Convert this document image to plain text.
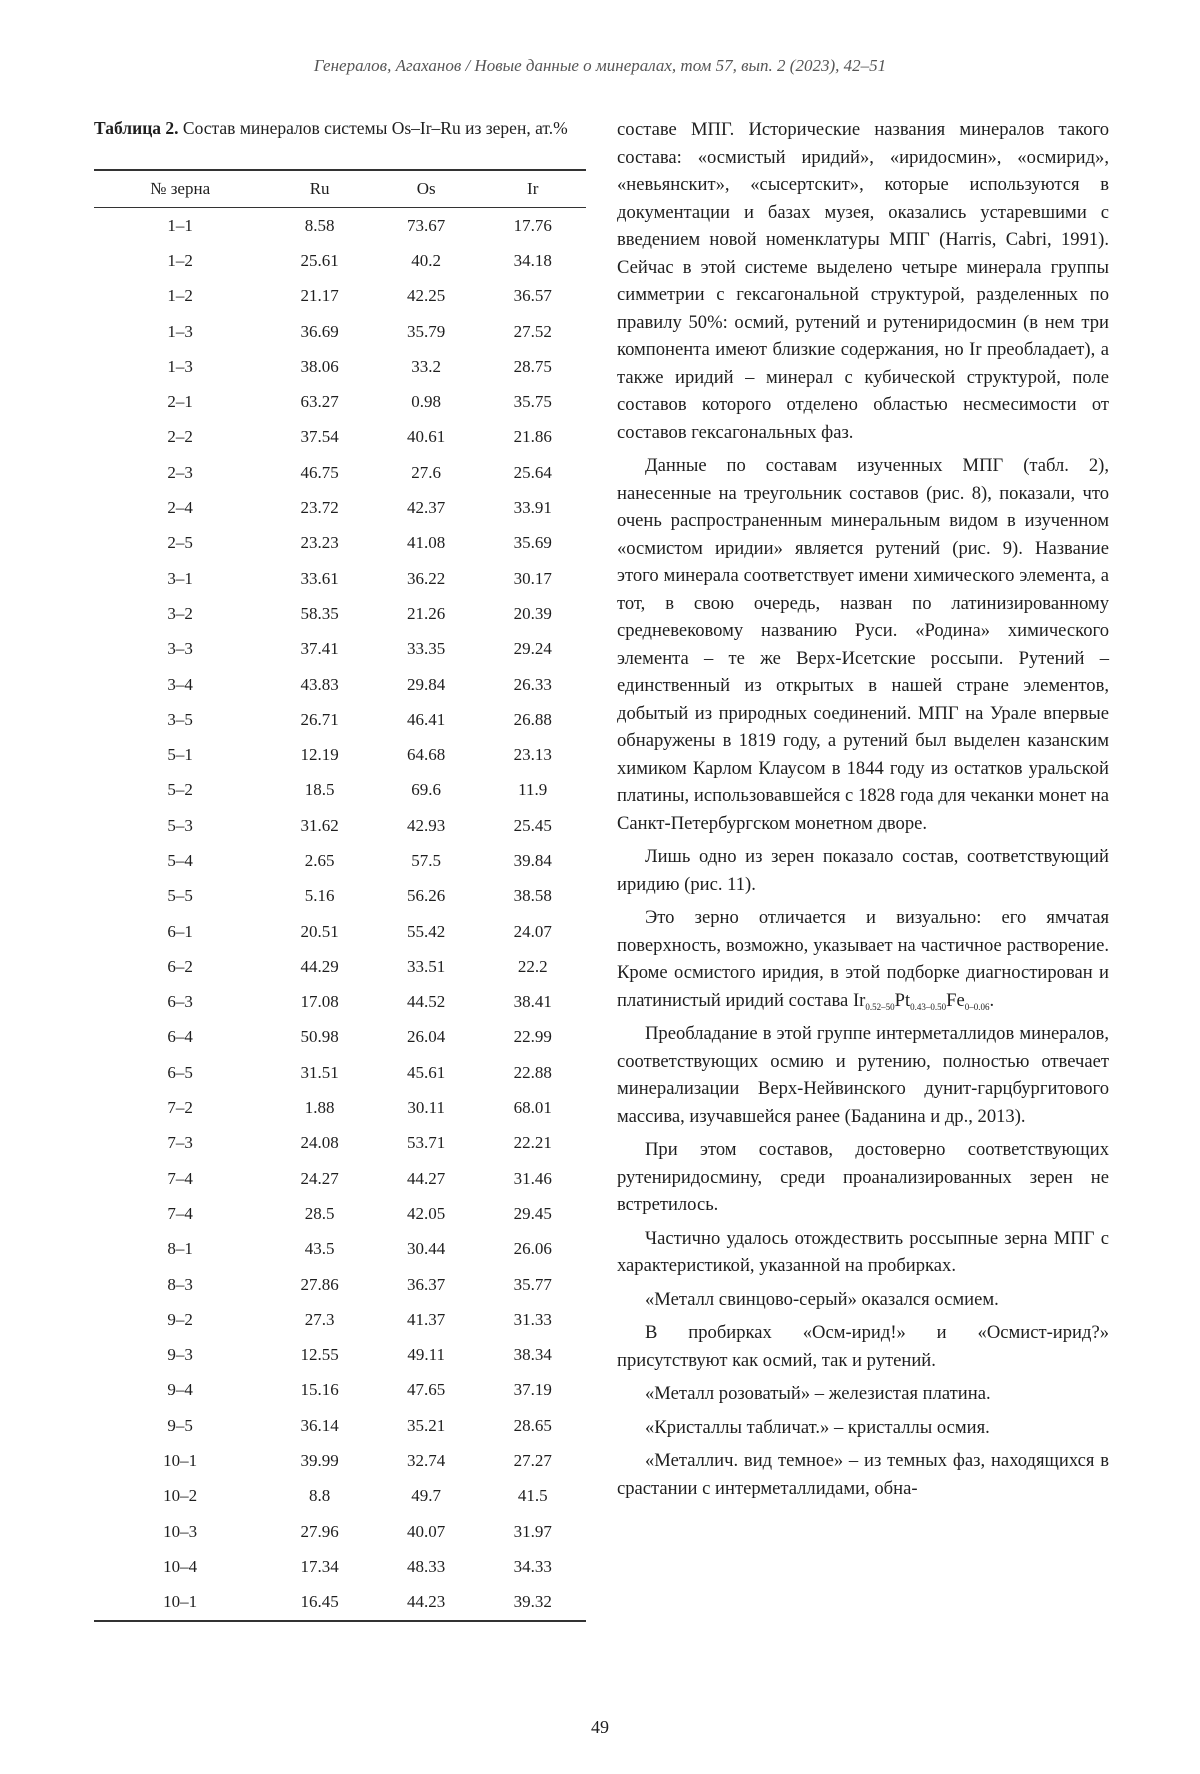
Генералов, Агаханов / Новые данные о минералах, том 57, вып. 2 (2023), 42–51

Таблица 2. Состав минералов системы Os–Ir–Ru из зерен, ат.%

№ зерна	Ru	Os	Ir
1–1	8.58	73.67	17.76
1–2	25.61	40.2	34.18
1–2	21.17	42.25	36.57
1–3	36.69	35.79	27.52
1–3	38.06	33.2	28.75
2–1	63.27	0.98	35.75
2–2	37.54	40.61	21.86
2–3	46.75	27.6	25.64
2–4	23.72	42.37	33.91
2–5	23.23	41.08	35.69
3–1	33.61	36.22	30.17
3–2	58.35	21.26	20.39
3–3	37.41	33.35	29.24
3–4	43.83	29.84	26.33
3–5	26.71	46.41	26.88
5–1	12.19	64.68	23.13
5–2	18.5	69.6	11.9
5–3	31.62	42.93	25.45
5–4	2.65	57.5	39.84
5–5	5.16	56.26	38.58
6–1	20.51	55.42	24.07
6–2	44.29	33.51	22.2
6–3	17.08	44.52	38.41
6–4	50.98	26.04	22.99
6–5	31.51	45.61	22.88
7–2	1.88	30.11	68.01
7–3	24.08	53.71	22.21
7–4	24.27	44.27	31.46
7–4	28.5	42.05	29.45
8–1	43.5	30.44	26.06
8–3	27.86	36.37	35.77
9–2	27.3	41.37	31.33
9–3	12.55	49.11	38.34
9–4	15.16	47.65	37.19
9–5	36.14	35.21	28.65
10–1	39.99	32.74	27.27
10–2	8.8	49.7	41.5
10–3	27.96	40.07	31.97
10–4	17.34	48.33	34.33
10–1	16.45	44.23	39.32

составе МПГ. Исторические названия минералов такого состава: «осмистый иридий», «иридосмин», «осмирид», «невьянскит», «сысертскит», которые используются в документации и базах музея, оказались устаревшими с введением новой номенклатуры МПГ (Harris, Cabri, 1991). Сейчас в этой системе выделено четыре минерала группы симметрии с гексагональной структурой, разделенных по правилу 50%: осмий, рутений и рутениридосмин (в нем три компонента имеют близкие содержания, но Ir преобладает), а также иридий – минерал с кубической структурой, поле составов которого отделено областью несмесимости от составов гексагональных фаз.

Данные по составам изученных МПГ (табл. 2), нанесенные на треугольник составов (рис. 8), показали, что очень распространенным минеральным видом в изученном «осмистом иридии» является рутений (рис. 9). Название этого минерала соответствует имени химического элемента, а тот, в свою очередь, назван по латинизированному средневековому названию Руси. «Родина» химического элемента – те же Верх-Исетские россыпи. Рутений – единственный из открытых в нашей стране элементов, добытый из природных соединений. МПГ на Урале впервые обнаружены в 1819 году, а рутений был выделен казанским химиком Карлом Клаусом в 1844 году из остатков уральской платины, использовавшейся с 1828 года для чеканки монет на Санкт-Петербургском монетном дворе.

Лишь одно из зерен показало состав, соответствующий иридию (рис. 11).

Это зерно отличается и визуально: его ямчатая поверхность, возможно, указывает на частичное растворение. Кроме осмистого иридия, в этой подборке диагностирован и платинистый иридий состава $Ir_{0.52-50}Pt_{0.43-0.50}Fe_{0-0.06}$.

Преобладание в этой группе интерметаллидов минералов, соответствующих осмию и рутению, полностью отвечает минерализации Верх-Нейвинского дунит-гарцбургитового массива, изучавшейся ранее (Баданина и др., 2013).

При этом составов, достоверно соответствующих рутениридосмину, среди проанализированных зерен не встретилось.

Частично удалось отождествить россыпные зерна МПГ с характеристикой, указанной на пробирках.

«Металл свинцово-серый» оказался осмием.

В пробирках «Осм-ирид!» и «Осмист-ирид?» присутствуют как осмий, так и рутений.

«Металл розоватый» – железистая платина.

«Кристаллы табличат.» – кристаллы осмия.

«Металлич. вид темное» – из темных фаз, находящихся в срастании с интерметаллидами, обна-

49
